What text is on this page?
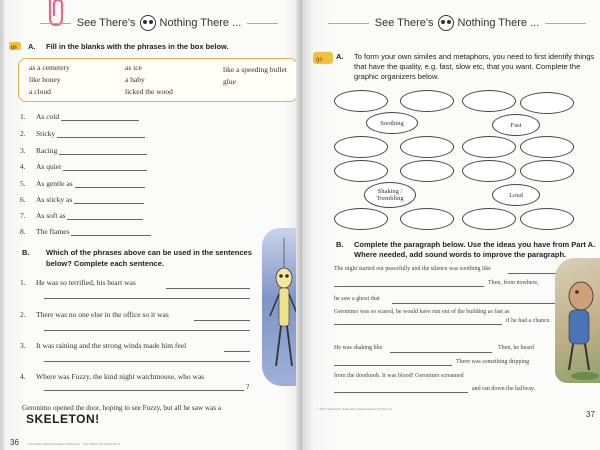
See There's Nothing There ...
gs A. Fill in the blanks with the phrases in the box below.
as a cemetery	as ice	like a speeding bullet
like honey	a baby	glue
a cloud	licked the wood
1. As cold
2. Sticky
3. Racing
4. As quiet
5. As gentle as
6. As sticky as
7. As soft as
8. The flames
B. Which of the phrases above can be used in the sentences
below? Complete each sentence.
1. He was so terrified, his heart was
2. There was no one else in the office so it was
3. It was raining and the strong winds made him feel
4. Where was Fuzzy, the kind night watchmouse, who was
?
Geronimo opened the door, hoping to see Fuzzy, but all he saw was a
SKELETON!
36	Geronimo Stilton Readers Workbook · See There's Nothing There
See There's Nothing There ...
gs A. To form your own similes and metaphors, you need to first identify things
that have the quality, e.g. fast, slow etc, that you want. Complete the
graphic organizers below.
Soothing	Fast
Shaking / Trembling	Loud
B. Complete the paragraph below. Use the ideas you have from Part A.
Where needed, add sound words to improve the paragraph.
The night started out peacefully and the silence was soothing like
Then, from nowhere,
he saw a ghost that
Geronimo was so scared, he would have run out of the building as fast as
if he had a chance.
He was shaking like	Then, he heard
There was something dripping
from the doorknob. It was blood! Geronimo screamed
and ran down the hallway.
© 2013 Scholastic Education International (S) Pte Ltd
37
